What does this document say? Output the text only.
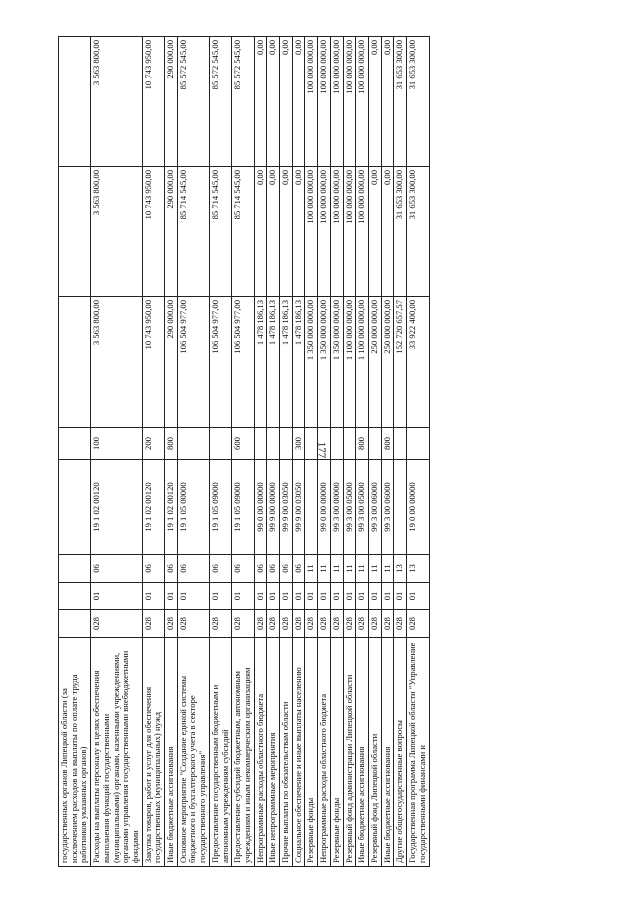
177
государственных органов Липецкой области (за исключением расходов на выплаты по оплате труда работников указанных органов)								
Расходы на выплаты персоналу в целях обеспечения выполнения функций государственными (муниципальными) органами, казенными учреждениями, органами управления государственными внебюджетными фондами	028	01	06	19 1 02 00120	100	3 563 800,00	3 563 800,00	3 563 800,00
Закупка товаров, работ и услуг для обеспечения государственных (муниципальных) нужд	028	01	06	19 1 02 00120	200	10 743 950,00	10 743 950,00	10 743 950,00
Иные бюджетные ассигнования	028	01	06	19 1 02 00120	800	290 000,00	290 000,00	290 000,00
Основное мероприятие "Создание единой системы бюджетного и бухгалтерского учета в секторе государственного управления"	028	01	06	19 1 05 00000		106 504 977,00	85 714 545,00	85 572 545,00
Предоставление государственным бюджетным и автономным учреждениям субсидий	028	01	06	19 1 05 09000		106 504 977,00	85 714 545,00	85 572 545,00
Предоставление субсидий бюджетным, автономным учреждениям и иным некоммерческим организациям	028	01	06	19 1 05 09000	600	106 504 977,00	85 714 545,00	85 572 545,00
Непрограммные расходы областного бюджета	028	01	06	99 0 00 00000		1 478 186,13	0,00	0,00
Иные непрограммные мероприятия	028	01	06	99 9 00 00000		1 478 186,13	0,00	0,00
Прочие выплаты по обязательствам области	028	01	06	99 9 00 03050		1 478 186,13	0,00	0,00
Социальное обеспечение и иные выплаты населению	028	01	06	99 9 00 03050	300	1 478 186,13	0,00	0,00
Резервные фонды	028	01	11			1 350 000 000,00	100 000 000,00	100 000 000,00
Непрограммные расходы областного бюджета	028	01	11	99 0 00 00000		1 350 000 000,00	100 000 000,00	100 000 000,00
Резервные фонды	028	01	11	99 3 00 00000		1 350 000 000,00	100 000 000,00	100 000 000,00
Резервный фонд администрации Липецкой области	028	01	11	99 3 00 05000		1 100 000 000,00	100 000 000,00	100 000 000,00
Иные бюджетные ассигнования	028	01	11	99 3 00 05000	800	1 100 000 000,00	100 000 000,00	100 000 000,00
Резервный фонд Липецкой области	028	01	11	99 3 00 06000		250 000 000,00	0,00	0,00
Иные бюджетные ассигнования	028	01	11	99 3 00 06000	800	250 000 000,00	0,00	0,00
Другие общегосударственные вопросы	028	01	13			152 720 657,57	31 653 300,00	31 653 300,00
Государственная программа Липецкой области "Управление государственными финансами и	028	01	13	19 0 00 00000		33 922 400,00	31 653 300,00	31 653 300,00
